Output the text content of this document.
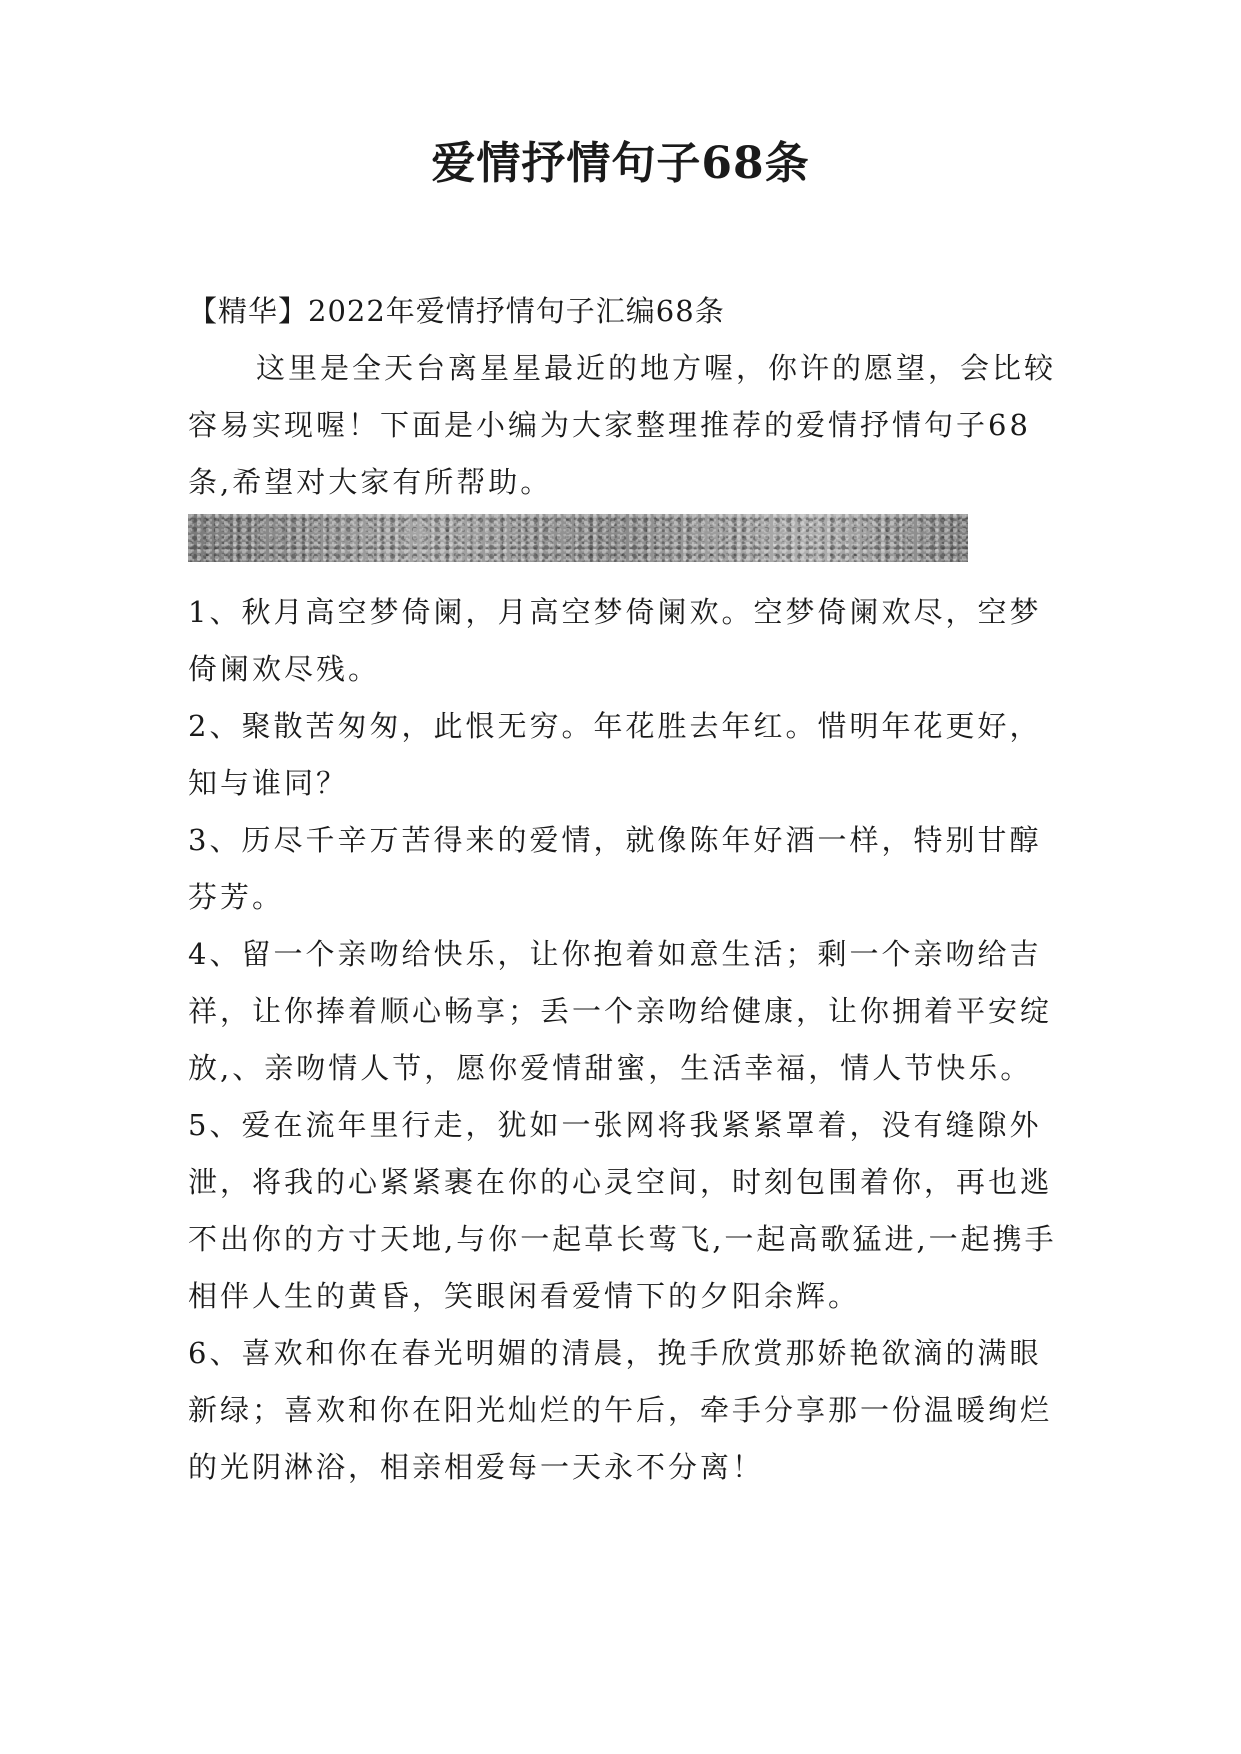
爱情抒情句子68条

【精华】2022年爱情抒情句子汇编68条

这里是全天台离星星最近的地方喔，你许的愿望，会比较容易实现喔！下面是小编为大家整理推荐的爱情抒情句子68条,希望对大家有所帮助。

1、秋月高空梦倚阑，月高空梦倚阑欢。空梦倚阑欢尽，空梦倚阑欢尽残。

2、聚散苦匆匆，此恨无穷。年花胜去年红。惜明年花更好，知与谁同？

3、历尽千辛万苦得来的爱情，就像陈年好酒一样，特别甘醇芬芳。

4、留一个亲吻给快乐，让你抱着如意生活；剩一个亲吻给吉祥，让你捧着顺心畅享；丢一个亲吻给健康，让你拥着平安绽放,、亲吻情人节，愿你爱情甜蜜，生活幸福，情人节快乐。

5、爱在流年里行走，犹如一张网将我紧紧罩着，没有缝隙外泄，将我的心紧紧裹在你的心灵空间，时刻包围着你，再也逃不出你的方寸天地,与你一起草长莺飞,一起高歌猛进,一起携手相伴人生的黄昏，笑眼闲看爱情下的夕阳余辉。

6、喜欢和你在春光明媚的清晨，挽手欣赏那娇艳欲滴的满眼新绿；喜欢和你在阳光灿烂的午后，牵手分享那一份温暖绚烂的光阴淋浴，相亲相爱每一天永不分离！
